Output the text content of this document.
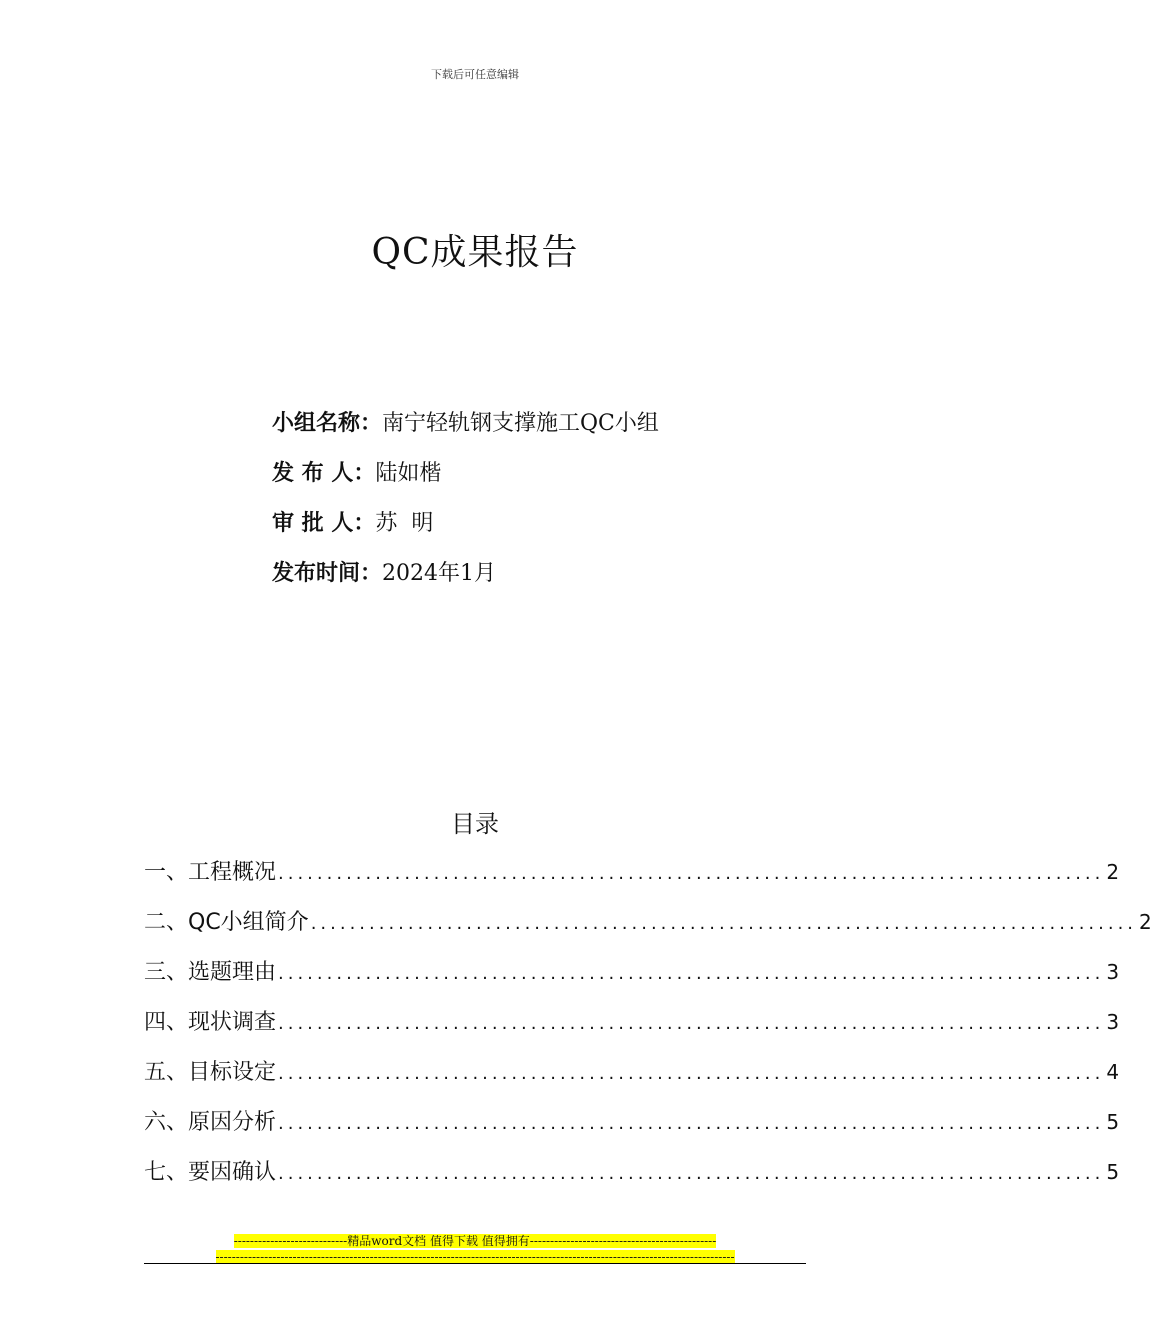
下载后可任意编辑
QC成果报告
小组名称：南宁轻轨钢支撑施工QC小组
发 布 人：陆如楷
审 批 人：苏  明
发布时间：2024年1月
目录
一、工程概况 ..................................................................................... 2
二、QC小组简介 ..................................................................................... 2
三、选题理由 ..................................................................................... 3
四、现状调查 ..................................................................................... 3
五、目标设定 ..................................................................................... 4
六、原因分析 ..................................................................................... 5
七、要因确认 ..................................................................................... 5
----------------------------精品word文档 值得下载 值得拥有----------------------------------------------
--------------------------------------------------------------------------------------------------------------------------------
